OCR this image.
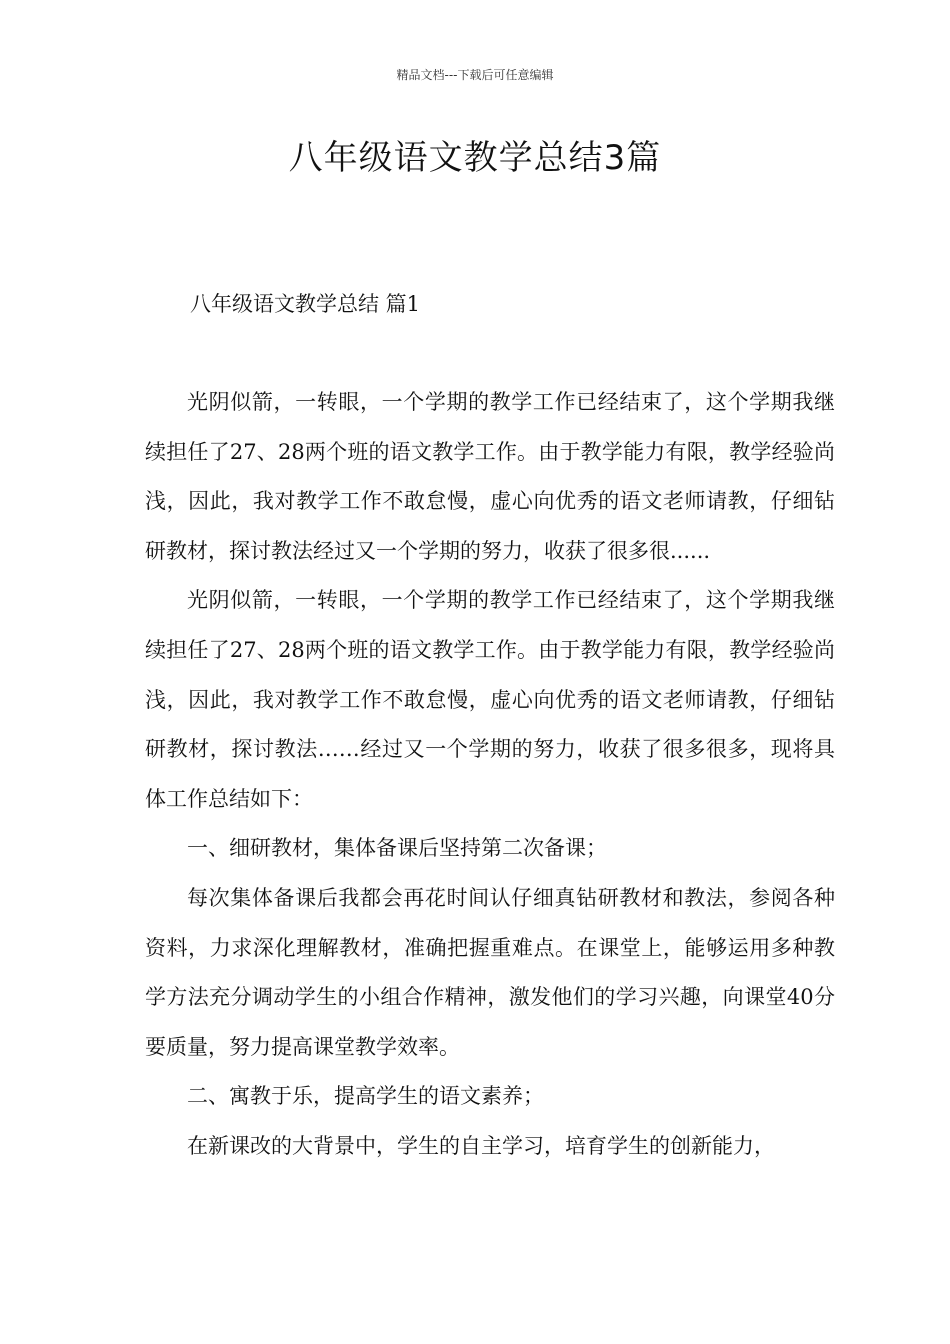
精品文档---下载后可任意编辑
八年级语文教学总结3篇
八年级语文教学总结 篇1

光阴似箭，一转眼，一个学期的教学工作已经结束了，这个学期我继续担任了27、28两个班的语文教学工作。由于教学能力有限，教学经验尚浅，因此，我对教学工作不敢怠慢，虚心向优秀的语文老师请教，仔细钻研教材，探讨教法经过又一个学期的努力，收获了很多很......

光阴似箭，一转眼，一个学期的教学工作已经结束了，这个学期我继续担任了27、28两个班的语文教学工作。由于教学能力有限，教学经验尚浅，因此，我对教学工作不敢怠慢，虚心向优秀的语文老师请教，仔细钻研教材，探讨教法……经过又一个学期的努力，收获了很多很多，现将具体工作总结如下：

一、细研教材，集体备课后坚持第二次备课；

每次集体备课后我都会再花时间认仔细真钻研教材和教法，参阅各种资料，力求深化理解教材，准确把握重难点。在课堂上，能够运用多种教学方法充分调动学生的小组合作精神，激发他们的学习兴趣，向课堂40分要质量，努力提高课堂教学效率。

二、寓教于乐，提高学生的语文素养；

在新课改的大背景中，学生的自主学习，培育学生的创新能力，
